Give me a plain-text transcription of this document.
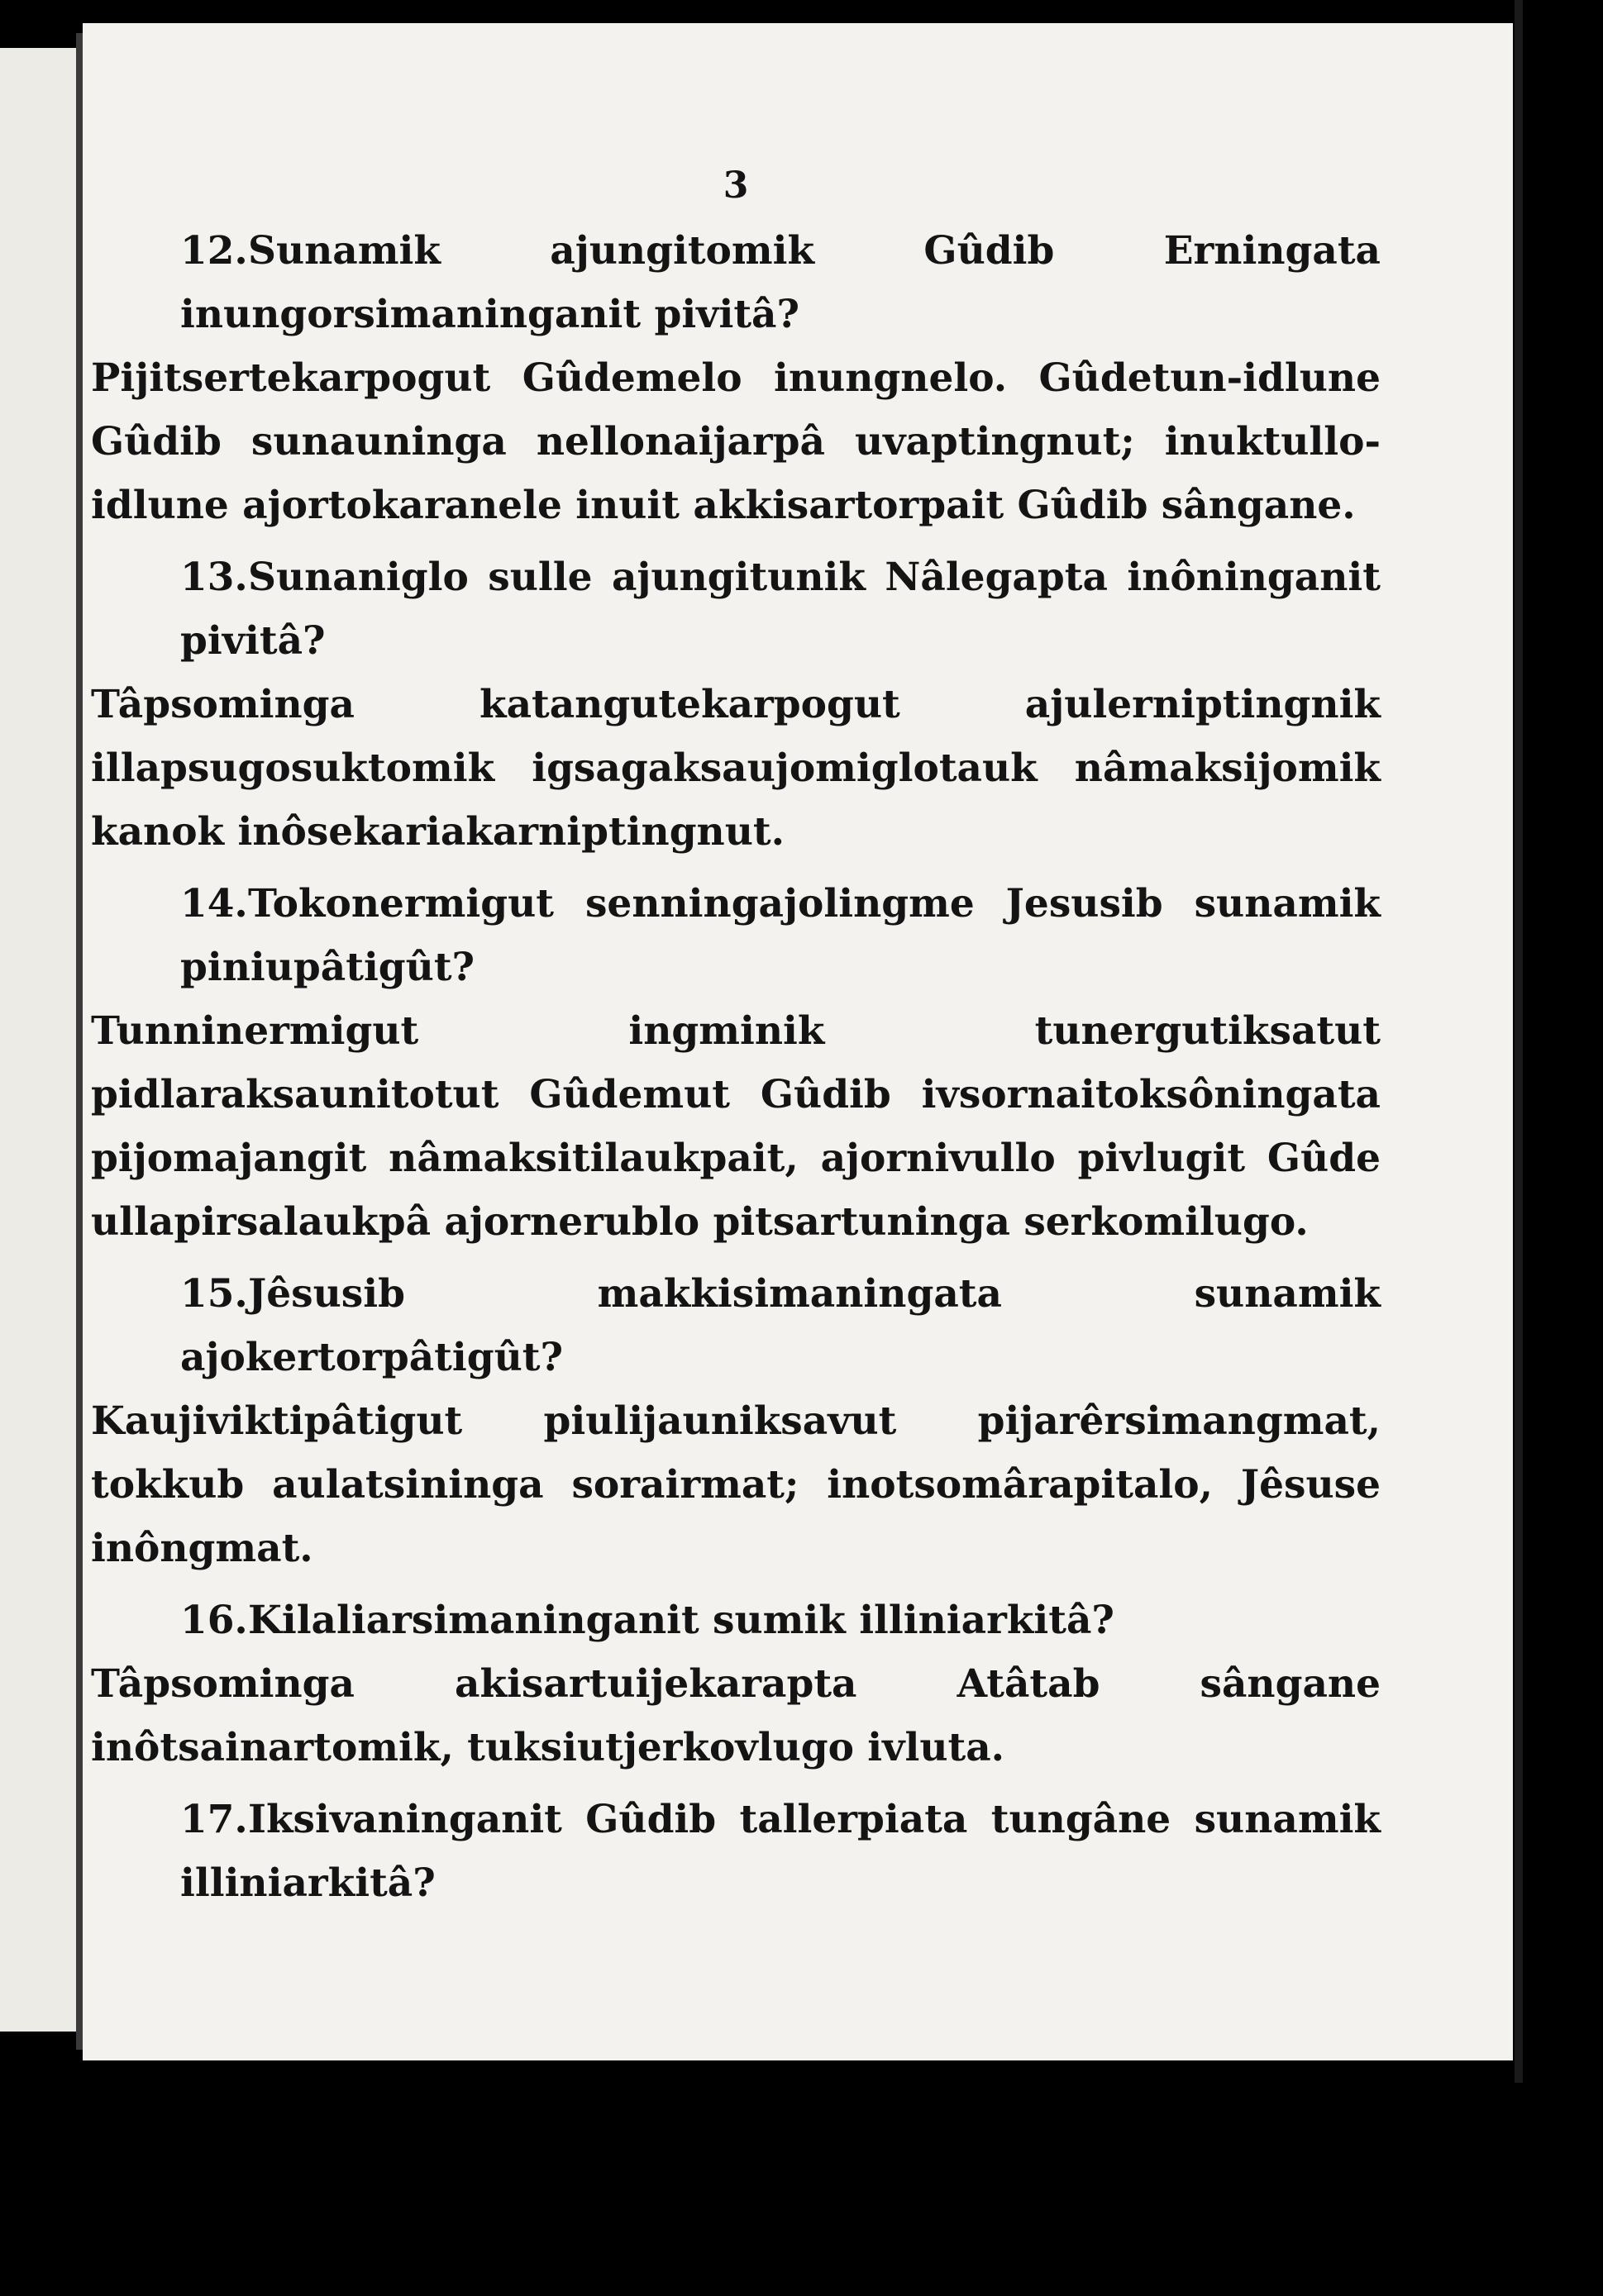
3

12.Sunamik ajungitomik Gûdib Erningata inungorsimaninganit pivitâ?

Pijitsertekarpogut Gûdemelo inungnelo. Gûdetun-idlune Gûdib sunauninga nellonaijarpâ uvaptingnut; inuktullo-idlune ajortokaranele inuit akkisartorpait Gûdib sângane.

13.Sunaniglo sulle ajungitunik Nâlegapta inôninganit pivitâ?

Tâpsominga katangutekarpogut ajulerniptingnik illapsugosuktomik igsagaksaujomiglotauk nâmaksijomik kanok inôsekariakarniptingnut.

14.Tokonermigut senningajolingme Jesusib sunamik piniupâtigût?

Tunninermigut ingminik tunergutiksatut pidlaraksaunitotut Gûdemut Gûdib ivsornaitoksôningata pijomajangit nâmaksitilaukpait, ajornivullo pivlugit Gûde ullapirsalaukpâ ajornerublo pitsartuninga serkomilugo.

15.Jêsusib makkisimaningata sunamik ajokertorpâtigût?

Kaujiviktipâtigut piulijauniksavut pijarêrsimangmat, tokkub aulatsininga sorairmat; inotsomârapitalo, Jêsuse inôngmat.

16.Kilaliarsimaninganit sumik illiniarkitâ?

Tâpsominga akisartuijekarapta Atâtab sângane inôtsainartomik, tuksiutjerkovlugo ivluta.

17.Iksivaninganit Gûdib tallerpiata tungâne sunamik illiniarkitâ?
